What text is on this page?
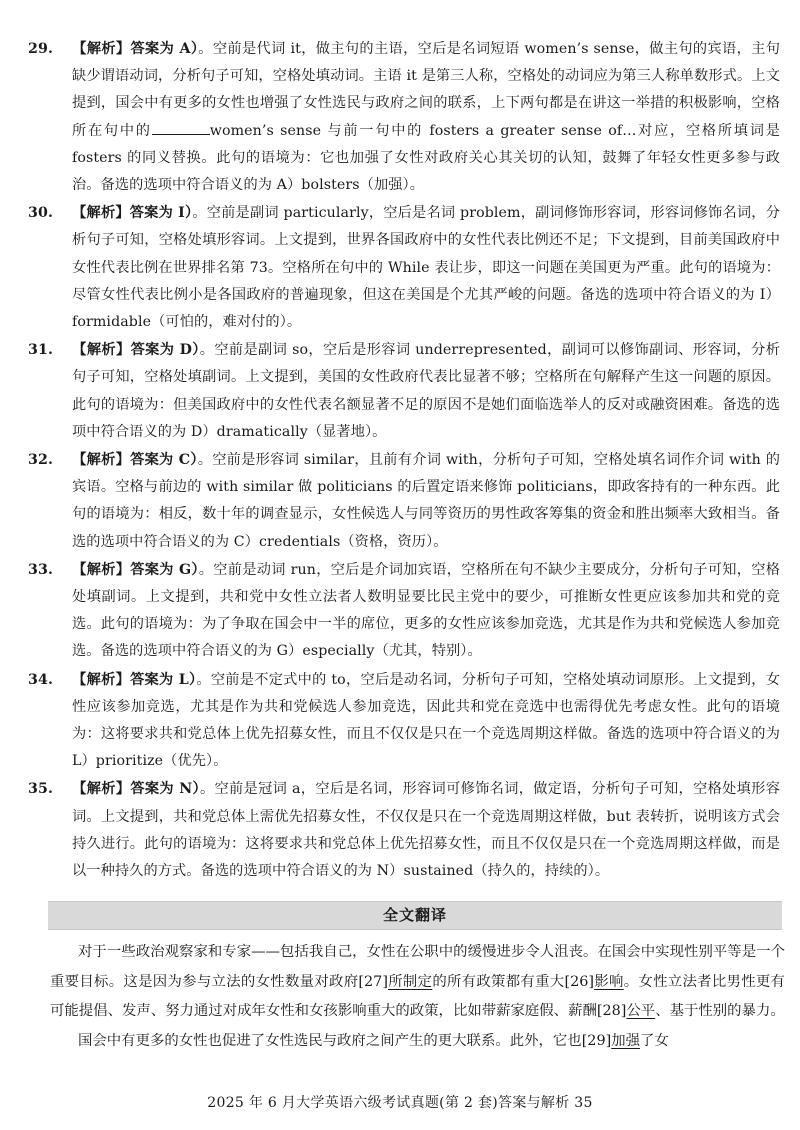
29. 【解析】答案为 A）。空前是代词 it，做主句的主语，空后是名词短语 women’s sense，做主句的宾语，主句缺少谓语动词，分析句子可知，空格处填动词。主语 it 是第三人称，空格处的动词应为第三人称单数形式。上文提到，国会中有更多的女性也增强了女性选民与政府之间的联系，上下两句都是在讲这一举措的积极影响，空格所在句中的	women’s sense 与前一句中的 fosters a greater sense of…对应，空格所填词是 fosters 的同义替换。此句的语境为：它也加强了女性对政府关心其关切的认知，鼓舞了年轻女性更多参与政治。备选的选项中符合语义的为 A）bolsters（加强）。
30. 【解析】答案为 I）。空前是副词 particularly，空后是名词 problem，副词修饰形容词，形容词修饰名词，分析句子可知，空格处填形容词。上文提到，世界各国政府中的女性代表比例还不足；下文提到，目前美国政府中女性代表比例在世界排名第 73。空格所在句中的 While 表让步，即这一问题在美国更为严重。此句的语境为：尽管女性代表比例小是各国政府的普遍现象，但这在美国是个尤其严峻的问题。备选的选项中符合语义的为 I）formidable（可怕的，难对付的）。
31. 【解析】答案为 D）。空前是副词 so，空后是形容词 underrepresented，副词可以修饰副词、形容词，分析句子可知，空格处填副词。上文提到，美国的女性政府代表比显著不够；空格所在句解释产生这一问题的原因。此句的语境为：但美国政府中的女性代表名额显著不足的原因不是她们面临选举人的反对或融资困难。备选的选项中符合语义的为 D）dramatically（显著地）。
32. 【解析】答案为 C）。空前是形容词 similar，且前有介词 with，分析句子可知，空格处填名词作介词 with 的宾语。空格与前边的 with similar 做 politicians 的后置定语来修饰 politicians，即政客持有的一种东西。此句的语境为：相反，数十年的调查显示，女性候选人与同等资历的男性政客筹集的资金和胜出频率大致相当。备选的选项中符合语义的为 C）credentials（资格，资历）。
33. 【解析】答案为 G）。空前是动词 run，空后是介词加宾语，空格所在句不缺少主要成分，分析句子可知，空格处填副词。上文提到，共和党中女性立法者人数明显要比民主党中的要少，可推断女性更应该参加共和党的竞选。此句的语境为：为了争取在国会中一半的席位，更多的女性应该参加竞选，尤其是作为共和党候选人参加竞选。备选的选项中符合语义的为 G）especially（尤其，特别）。
34. 【解析】答案为 L）。空前是不定式中的 to，空后是动名词，分析句子可知，空格处填动词原形。上文提到，女性应该参加竞选，尤其是作为共和党候选人参加竞选，因此共和党在竞选中也需得优先考虑女性。此句的语境为：这将要求共和党总体上优先招募女性，而且不仅仅是只在一个竞选周期这样做。备选的选项中符合语义的为 L）prioritize（优先）。
35. 【解析】答案为 N）。空前是冠词 a，空后是名词，形容词可修饰名词，做定语，分析句子可知，空格处填形容词。上文提到，共和党总体上需优先招募女性，不仅仅是只在一个竞选周期这样做，but 表转折，说明该方式会持久进行。此句的语境为：这将要求共和党总体上优先招募女性，而且不仅仅是只在一个竞选周期这样做，而是以一种持久的方式。备选的选项中符合语义的为 N）sustained（持久的，持续的）。
全文翻译

对于一些政治观察家和专家——包括我自己，女性在公职中的缓慢进步令人沮丧。在国会中实现性别平等是一个重要目标。这是因为参与立法的女性数量对政府[27]所制定的所有政策都有重大[26]影响。女性立法者比男性更有可能提倡、发声、努力通过对成年女性和女孩影响重大的政策，比如带薪家庭假、薪酬[28]公平、基于性别的暴力。

国会中有更多的女性也促进了女性选民与政府之间产生的更大联系。此外，它也[29]加强了女

2025 年 6 月大学英语六级考试真题(第 2 套)答案与解析 35
